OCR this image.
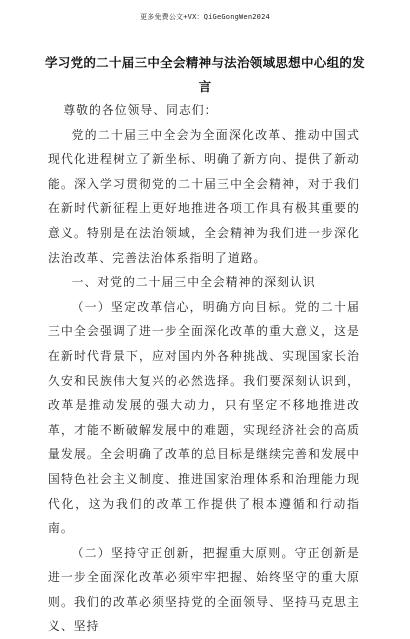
更多免费公文+VX：QiGeGongWen2024
学习党的二十届三中全会精神与法治领域思想中心组的发
言

尊敬的各位领导、同志们：

党的二十届三中全会为全面深化改革、推动中国式现代化进程树立了新坐标、明确了新方向、提供了新动能。深入学习贯彻党的二十届三中全会精神，对于我们在新时代新征程上更好地推进各项工作具有极其重要的意义。特别是在法治领域，全会精神为我们进一步深化法治改革、完善法治体系指明了道路。

一、对党的二十届三中全会精神的深刻认识

（一）坚定改革信心，明确方向目标。党的二十届三中全会强调了进一步全面深化改革的重大意义，这是在新时代背景下，应对国内外各种挑战、实现国家长治久安和民族伟大复兴的必然选择。我们要深刻认识到，改革是推动发展的强大动力，只有坚定不移地推进改革，才能不断破解发展中的难题，实现经济社会的高质量发展。全会明确了改革的总目标是继续完善和发展中国特色社会主义制度、推进国家治理体系和治理能力现代化，这为我们的改革工作提供了根本遵循和行动指南。

（二）坚持守正创新，把握重大原则。守正创新是进一步全面深化改革必须牢牢把握、始终坚守的重大原则。我们的改革必须坚持党的全面领导、坚持马克思主义、坚持
